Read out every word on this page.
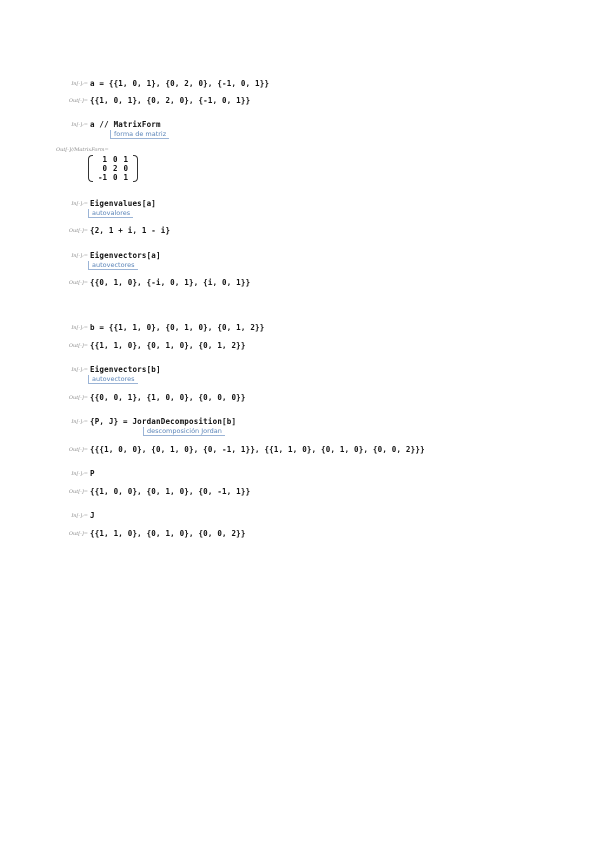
In[-]:= a = {{1, 0, 1}, {0, 2, 0}, {-1, 0, 1}}
Out[-]= {{1, 0, 1}, {0, 2, 0}, {-1, 0, 1}}
In[-]:= a // MatrixForm
forma de matriz
Out[-]//MatrixForm=
1	0	1
0	2	0
-1	0	1
In[-]:= Eigenvalues[a]
autovalores
Out[-]= {2, 1 + i, 1 - i}
In[-]:= Eigenvectors[a]
autovectores
Out[-]= {{0, 1, 0}, {-i, 0, 1}, {i, 0, 1}}
In[-]:= b = {{1, 1, 0}, {0, 1, 0}, {0, 1, 2}}
Out[-]= {{1, 1, 0}, {0, 1, 0}, {0, 1, 2}}
In[-]:= Eigenvectors[b]
autovectores
Out[-]= {{0, 0, 1}, {1, 0, 0}, {0, 0, 0}}
In[-]:= {P, J} = JordanDecomposition[b]
descomposición Jordan
Out[-]= {{{1, 0, 0}, {0, 1, 0}, {0, -1, 1}}, {{1, 1, 0}, {0, 1, 0}, {0, 0, 2}}}
In[-]:= P
Out[-]= {{1, 0, 0}, {0, 1, 0}, {0, -1, 1}}
In[-]:= J
Out[-]= {{1, 1, 0}, {0, 1, 0}, {0, 0, 2}}
